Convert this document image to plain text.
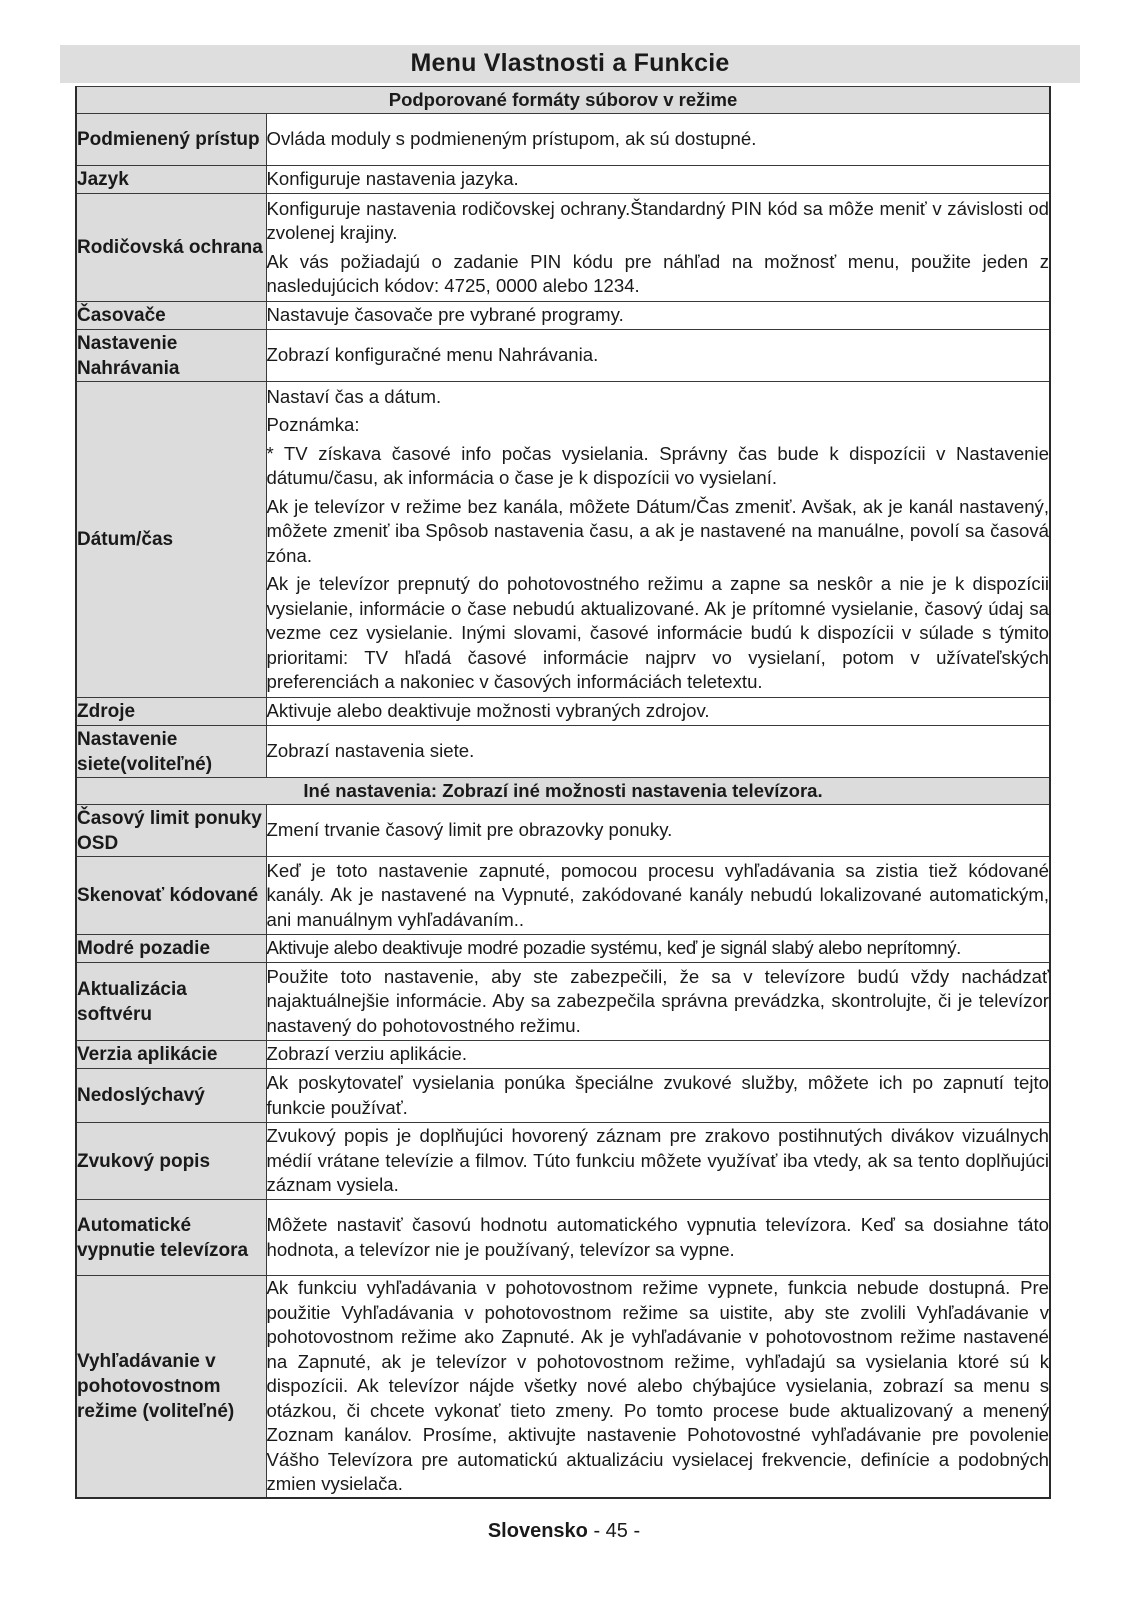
Menu Vlastnosti a Funkcie
Podporované formáty súborov v režime	
Podmienený prístup	Ovláda moduly s podmieneným prístupom, ak sú dostupné.

Jazyk	Konfiguruje nastavenia jazyka.

Rodičovská ochrana	Konfiguruje nastavenia rodičovskej ochrany.Štandardný PIN kód sa môže meniť v závislosti od zvolenej krajiny.

Ak vás požiadajú o zadanie PIN kódu pre náhľad na možnosť menu, použite jeden z nasledujúcich kódov: 4725, 0000 alebo 1234.

Časovače	Nastavuje časovače pre vybrané programy.

Nastavenie Nahrávania	Zobrazí konfiguračné menu Nahrávania.

Dátum/čas	Nastaví čas a dátum.

Poznámka:

* TV získava časové info počas vysielania. Správny čas bude k dispozícii v Nastavenie dátumu/času, ak informácia o čase je k dispozícii vo vysielaní.

Ak je televízor v režime bez kanála, môžete Dátum/Čas zmeniť. Avšak, ak je kanál nastavený, môžete zmeniť iba Spôsob nastavenia času, a ak je nastavené na manuálne, povolí sa časová zóna.

Ak je televízor prepnutý do pohotovostného režimu a zapne sa neskôr a nie je k dispozícii vysielanie, informácie o čase nebudú aktualizované. Ak je prítomné vysielanie, časový údaj sa vezme cez vysielanie. Inými slovami, časové informácie budú k dispozícii v súlade s týmito prioritami: TV hľadá časové informácie najprv vo vysielaní, potom v užívateľských preferenciách a nakoniec v časových informáciách teletextu.

Zdroje	Aktivuje alebo deaktivuje možnosti vybraných zdrojov.

Nastavenie siete(voliteľné)	Zobrazí nastavenia siete.

Iné nastavenia: Zobrazí iné možnosti nastavenia televízora.	
Časový limit ponuky OSD	Zmení trvanie časový limit pre obrazovky ponuky.

Skenovať kódované	Keď je toto nastavenie zapnuté, pomocou procesu vyhľadávania sa zistia tiež kódované kanály. Ak je nastavené na Vypnuté, zakódované kanály nebudú lokalizované automatickým, ani manuálnym vyhľadávaním..

Modré pozadie	Aktivuje alebo deaktivuje modré pozadie systému, keď je signál slabý alebo neprítomný.

Aktualizácia softvéru	Použite toto nastavenie, aby ste zabezpečili, že sa v televízore budú vždy nachádzať najaktuálnejšie informácie. Aby sa zabezpečila správna prevádzka, skontrolujte, či je televízor nastavený do pohotovostného režimu.

Verzia aplikácie	Zobrazí verziu aplikácie.

Nedoslýchavý	Ak poskytovateľ vysielania ponúka špeciálne zvukové služby, môžete ich po zapnutí tejto funkcie používať.

Zvukový popis	Zvukový popis je doplňujúci hovorený záznam pre zrakovo postihnutých divákov vizuálnych médií vrátane televízie a filmov. Túto funkciu môžete využívať iba vtedy, ak sa tento doplňujúci záznam vysiela.

Automatické vypnutie televízora	Môžete nastaviť časovú hodnotu automatického vypnutia televízora. Keď sa dosiahne táto hodnota, a televízor nie je používaný, televízor sa vypne.

Vyhľadávanie v pohotovostnom režime (voliteľné)	Ak funkciu vyhľadávania v pohotovostnom režime vypnete, funkcia nebude dostupná. Pre použitie Vyhľadávania v pohotovostnom režime sa uistite, aby ste zvolili Vyhľadávanie v pohotovostnom režime ako Zapnuté. Ak je vyhľadávanie v pohotovostnom režime nastavené na Zapnuté, ak je televízor v pohotovostnom režime, vyhľadajú sa vysielania ktoré sú k dispozícii. Ak televízor nájde všetky nové alebo chýbajúce vysielania, zobrazí sa menu s otázkou, či chcete vykonať tieto zmeny. Po tomto procese bude aktualizovaný a menený Zoznam kanálov. Prosíme, aktivujte nastavenie Pohotovostné vyhľadávanie pre povolenie Vášho Televízora pre automatickú aktualizáciu vysielacej frekvencie, definície a podobných zmien vysielača.

Slovensko - 45 -
